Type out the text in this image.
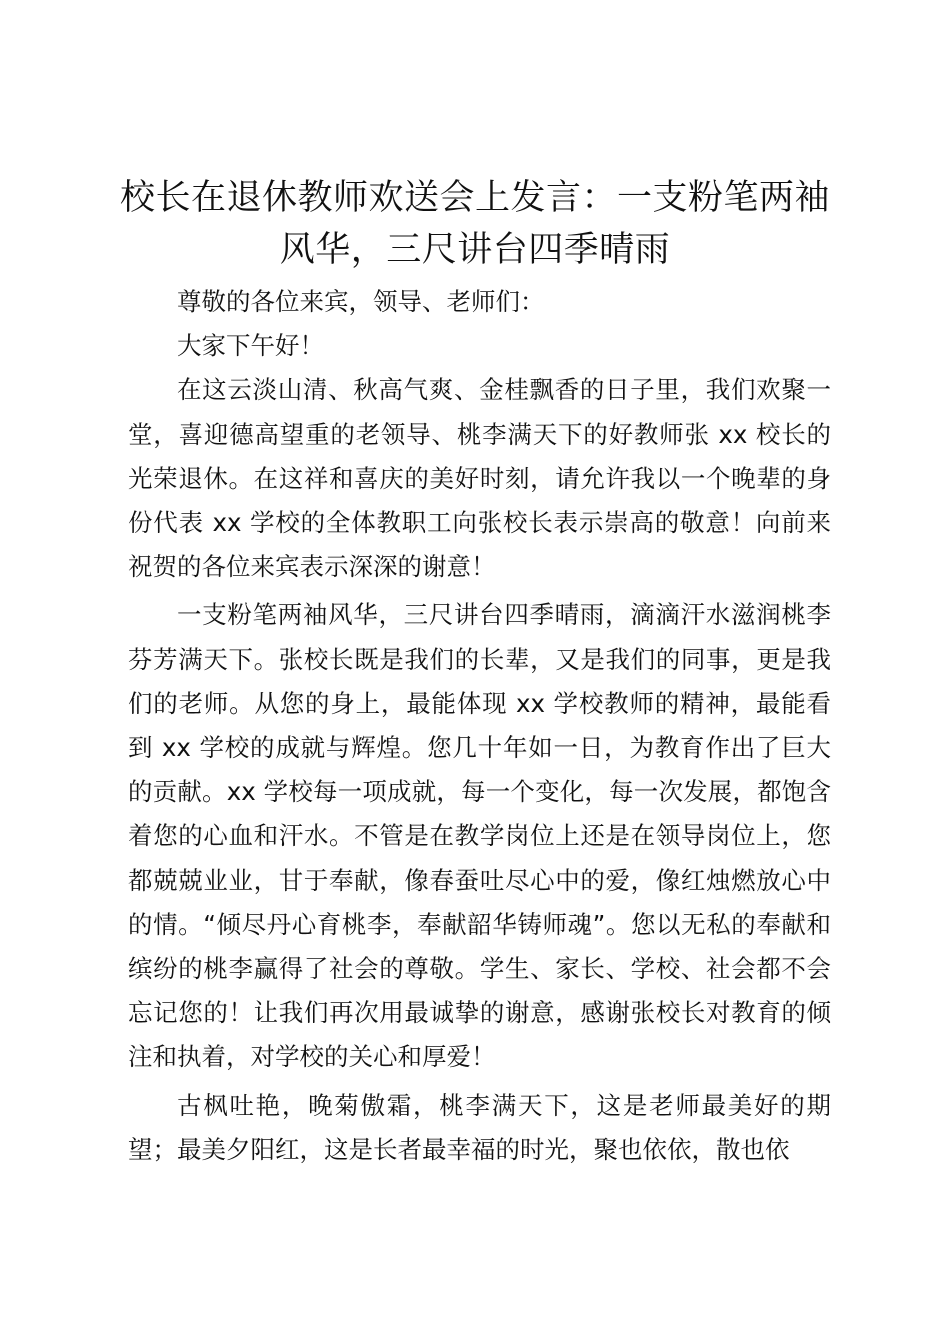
校长在退休教师欢送会上发言：一支粉笔两袖风华，三尺讲台四季晴雨

尊敬的各位来宾，领导、老师们：

大家下午好！

在这云淡山清、秋高气爽、金桂飘香的日子里，我们欢聚一堂，喜迎德高望重的老领导、桃李满天下的好教师张 xx 校长的光荣退休。在这祥和喜庆的美好时刻，请允许我以一个晚辈的身份代表 xx 学校的全体教职工向张校长表示崇高的敬意！向前来祝贺的各位来宾表示深深的谢意！

一支粉笔两袖风华，三尺讲台四季晴雨，滴滴汗水滋润桃李芬芳满天下。张校长既是我们的长辈，又是我们的同事，更是我们的老师。从您的身上，最能体现 xx 学校教师的精神，最能看到 xx 学校的成就与辉煌。您几十年如一日，为教育作出了巨大的贡献。xx 学校每一项成就，每一个变化，每一次发展，都饱含着您的心血和汗水。不管是在教学岗位上还是在领导岗位上，您都兢兢业业，甘于奉献，像春蚕吐尽心中的爱，像红烛燃放心中的情。“倾尽丹心育桃李，奉献韶华铸师魂”。您以无私的奉献和缤纷的桃李赢得了社会的尊敬。学生、家长、学校、社会都不会忘记您的！让我们再次用最诚挚的谢意，感谢张校长对教育的倾注和执着，对学校的关心和厚爱！

古枫吐艳，晚菊傲霜，桃李满天下，这是老师最美好的期望；最美夕阳红，这是长者最幸福的时光，聚也依依，散也依
